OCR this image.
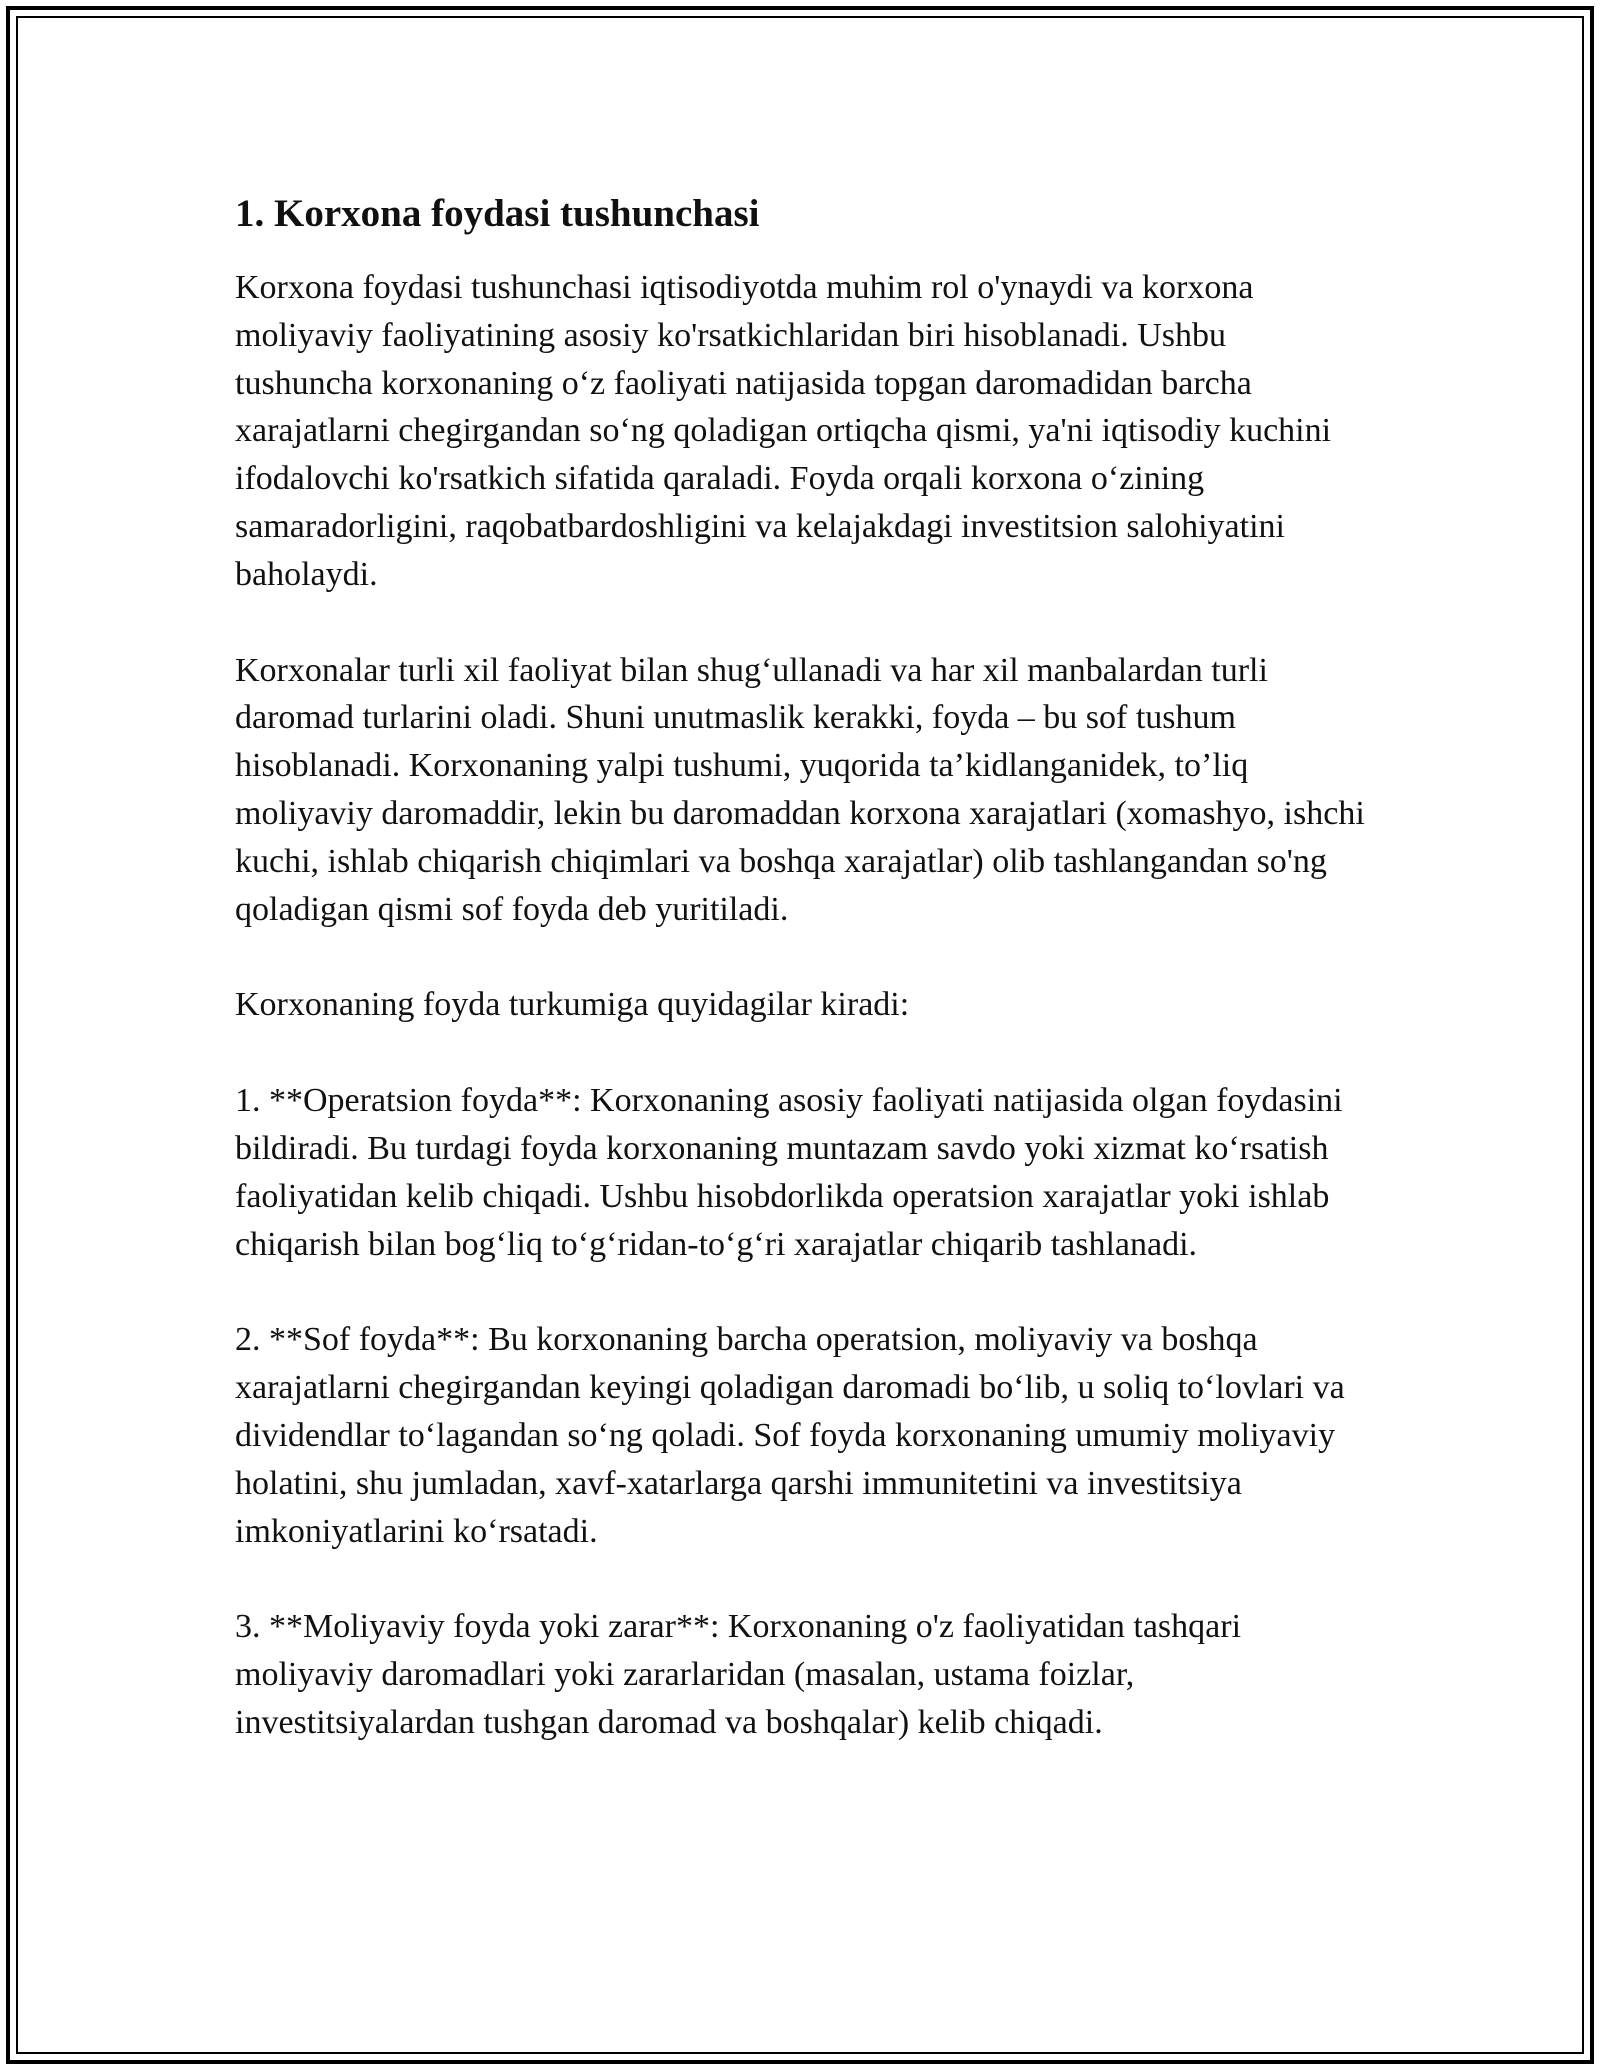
1. Korxona foydasi tushunchasi

Korxona foydasi tushunchasi iqtisodiyotda muhim rol o'ynaydi va korxona moliyaviy faoliyatining asosiy ko'rsatkichlaridan biri hisoblanadi. Ushbu tushuncha korxonaning o‘z faoliyati natijasida topgan daromadidan barcha xarajatlarni chegirgandan so‘ng qoladigan ortiqcha qismi, ya'ni iqtisodiy kuchini ifodalovchi ko'rsatkich sifatida qaraladi. Foyda orqali korxona o‘zining samaradorligini, raqobatbardoshligini va kelajakdagi investitsion salohiyatini baholaydi.

Korxonalar turli xil faoliyat bilan shug‘ullanadi va har xil manbalardan turli daromad turlarini oladi. Shuni unutmaslik kerakki, foyda – bu sof tushum hisoblanadi. Korxonaning yalpi tushumi, yuqorida ta’kidlanganidek, to’liq moliyaviy daromaddir, lekin bu daromaddan korxona xarajatlari (xomashyo, ishchi kuchi, ishlab chiqarish chiqimlari va boshqa xarajatlar) olib tashlangandan so'ng qoladigan qismi sof foyda deb yuritiladi.

Korxonaning foyda turkumiga quyidagilar kiradi:

1. **Operatsion foyda**: Korxonaning asosiy faoliyati natijasida olgan foydasini bildiradi. Bu turdagi foyda korxonaning muntazam savdo yoki xizmat ko‘rsatish faoliyatidan kelib chiqadi. Ushbu hisobdorlikda operatsion xarajatlar yoki ishlab chiqarish bilan bog‘liq to‘g‘ridan-to‘g‘ri xarajatlar chiqarib tashlanadi.

2. **Sof foyda**: Bu korxonaning barcha operatsion, moliyaviy va boshqa xarajatlarni chegirgandan keyingi qoladigan daromadi bo‘lib, u soliq to‘lovlari va dividendlar to‘lagandan so‘ng qoladi. Sof foyda korxonaning umumiy moliyaviy holatini, shu jumladan, xavf-xatarlarga qarshi immunitetini va investitsiya imkoniyatlarini ko‘rsatadi.

3. **Moliyaviy foyda yoki zarar**: Korxonaning o'z faoliyatidan tashqari moliyaviy daromadlari yoki zararlaridan (masalan, ustama foizlar, investitsiyalardan tushgan daromad va boshqalar) kelib chiqadi.
